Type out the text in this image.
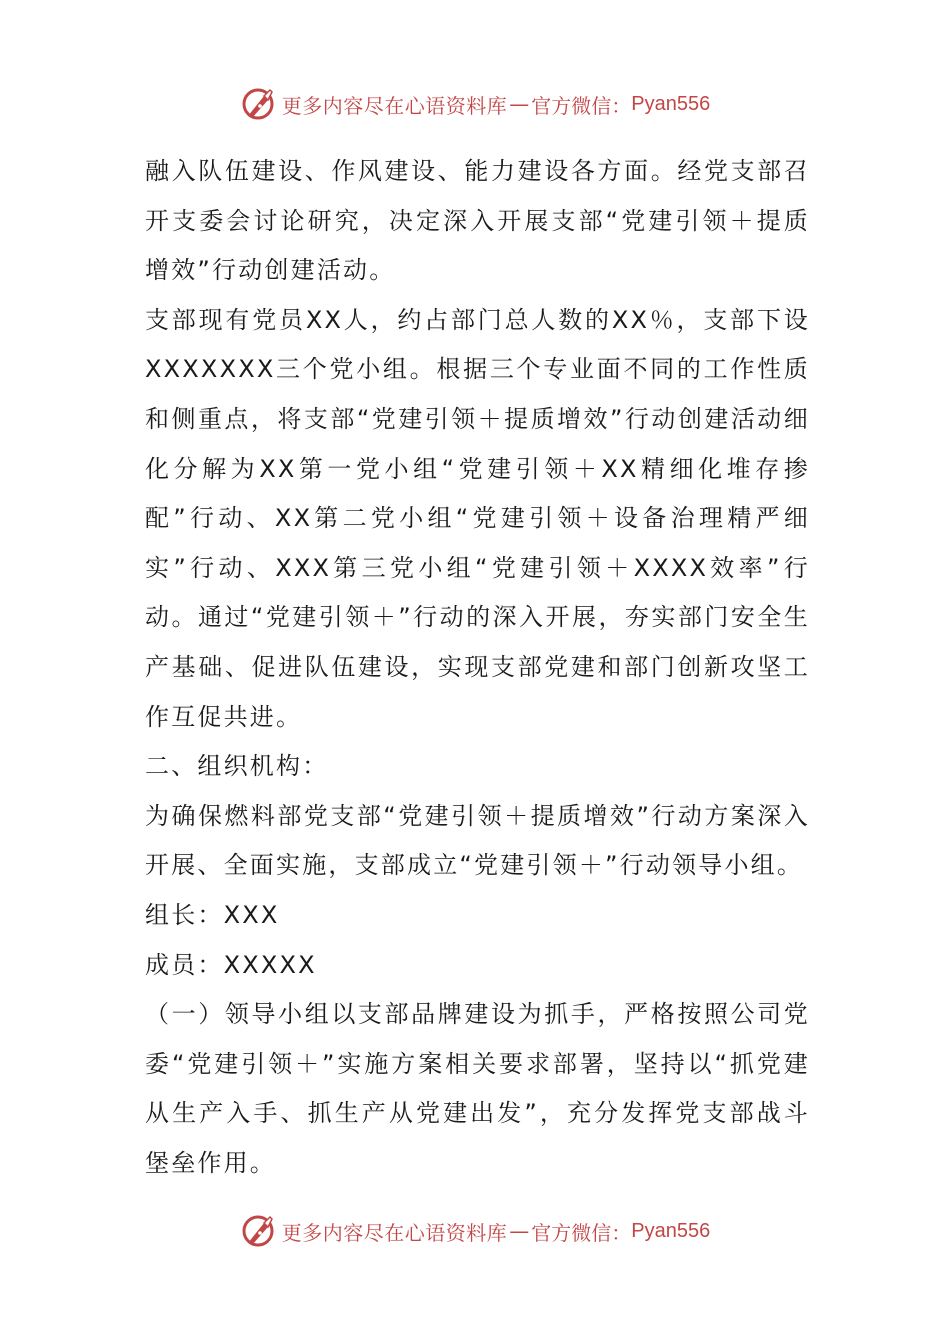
更多内容尽在心语资料库 — 官方微信： Pyan556

融入队伍建设、作风建设、能力建设各方面。经党支部召开支委会讨论研究，决定深入开展支部“党建引领＋提质增效”行动创建活动。

支部现有党员XX人，约占部门总人数的XX％，支部下设XXXXXXX三个党小组。根据三个专业面不同的工作性质和侧重点，将支部“党建引领＋提质增效”行动创建活动细化分解为XX第一党小组“党建引领＋XX精细化堆存掺配”行动、XX第二党小组“党建引领＋设备治理精严细实”行动、XXX第三党小组“党建引领＋XXXX效率”行动。通过“党建引领＋”行动的深入开展，夯实部门安全生产基础、促进队伍建设，实现支部党建和部门创新攻坚工作互促共进。

二、组织机构：

为确保燃料部党支部“党建引领＋提质增效”行动方案深入开展、全面实施，支部成立“党建引领＋”行动领导小组。

组长：XXX

成员：XXXXX

（一）领导小组以支部品牌建设为抓手，严格按照公司党委“党建引领＋”实施方案相关要求部署，坚持以“抓党建从生产入手、抓生产从党建出发”，充分发挥党支部战斗堡垒作用。

更多内容尽在心语资料库 — 官方微信： Pyan556
